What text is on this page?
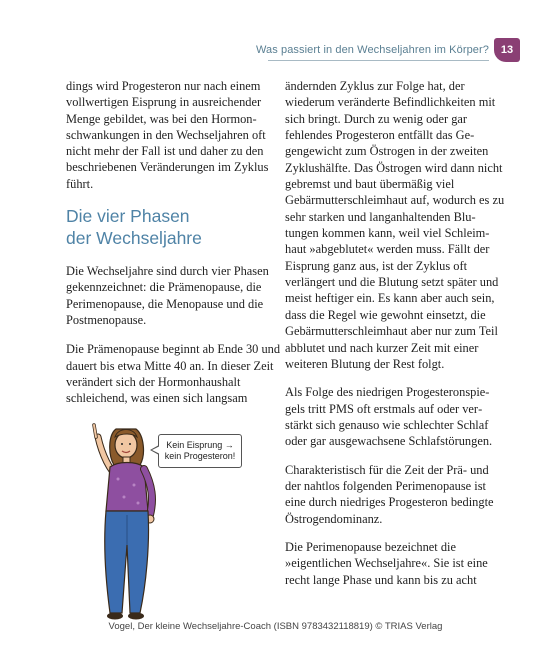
Was passiert in den Wechseljahren im Körper?	13

dings wird Progesteron nur nach einem vollwertigen Eisprung in ausreichender Menge gebildet, was bei den Hormonschwankungen in den Wechseljahren oft nicht mehr der Fall ist und daher zu den beschriebenen Veränderungen im Zyklus führt.

Die vier Phasen
der Wechseljahre

Die Wechseljahre sind durch vier Phasen gekennzeichnet: die Prämenopause, die Perimenopause, die Menopause und die Postmenopause.

Die Prämenopause beginnt ab Ende 30 und dauert bis etwa Mitte 40 an. In dieser Zeit verändert sich der Hormonhaushalt schleichend, was einen sich langsam

Kein Eisprung →
kein Progesteron!

ändernden Zyklus zur Folge hat, der wiederum veränderte Befindlichkeiten mit sich bringt. Durch zu wenig oder gar fehlendes Progesteron entfällt das Gegengewicht zum Östrogen in der zweiten Zyklushälfte. Das Östrogen wird dann nicht gebremst und baut übermäßig viel Gebärmutterschleimhaut auf, wodurch es zu sehr starken und langanhaltenden Blutungen kommen kann, weil viel Schleimhaut »abgeblutet« werden muss. Fällt der Eisprung ganz aus, ist der Zyklus oft verlängert und die Blutung setzt später und meist heftiger ein. Es kann aber auch sein, dass die Regel wie gewohnt einsetzt, die Gebärmutterschleimhaut aber nur zum Teil abblutet und nach kurzer Zeit mit einer weiteren Blutung der Rest folgt.

Als Folge des niedrigen Progesteronspiegels tritt PMS oft erstmals auf oder verstärkt sich genauso wie schlechter Schlaf oder gar ausgewachsene Schlafstörungen.

Charakteristisch für die Zeit der Prä- und der nahtlos folgenden Perimenopause ist eine durch niedriges Progesteron bedingte Östrogendominanz.

Die Perimenopause bezeichnet die »eigentlichen Wechseljahre«. Sie ist eine recht lange Phase und kann bis zu acht

Vogel, Der kleine Wechseljahre-Coach (ISBN 9783432118819) © TRIAS Verlag
